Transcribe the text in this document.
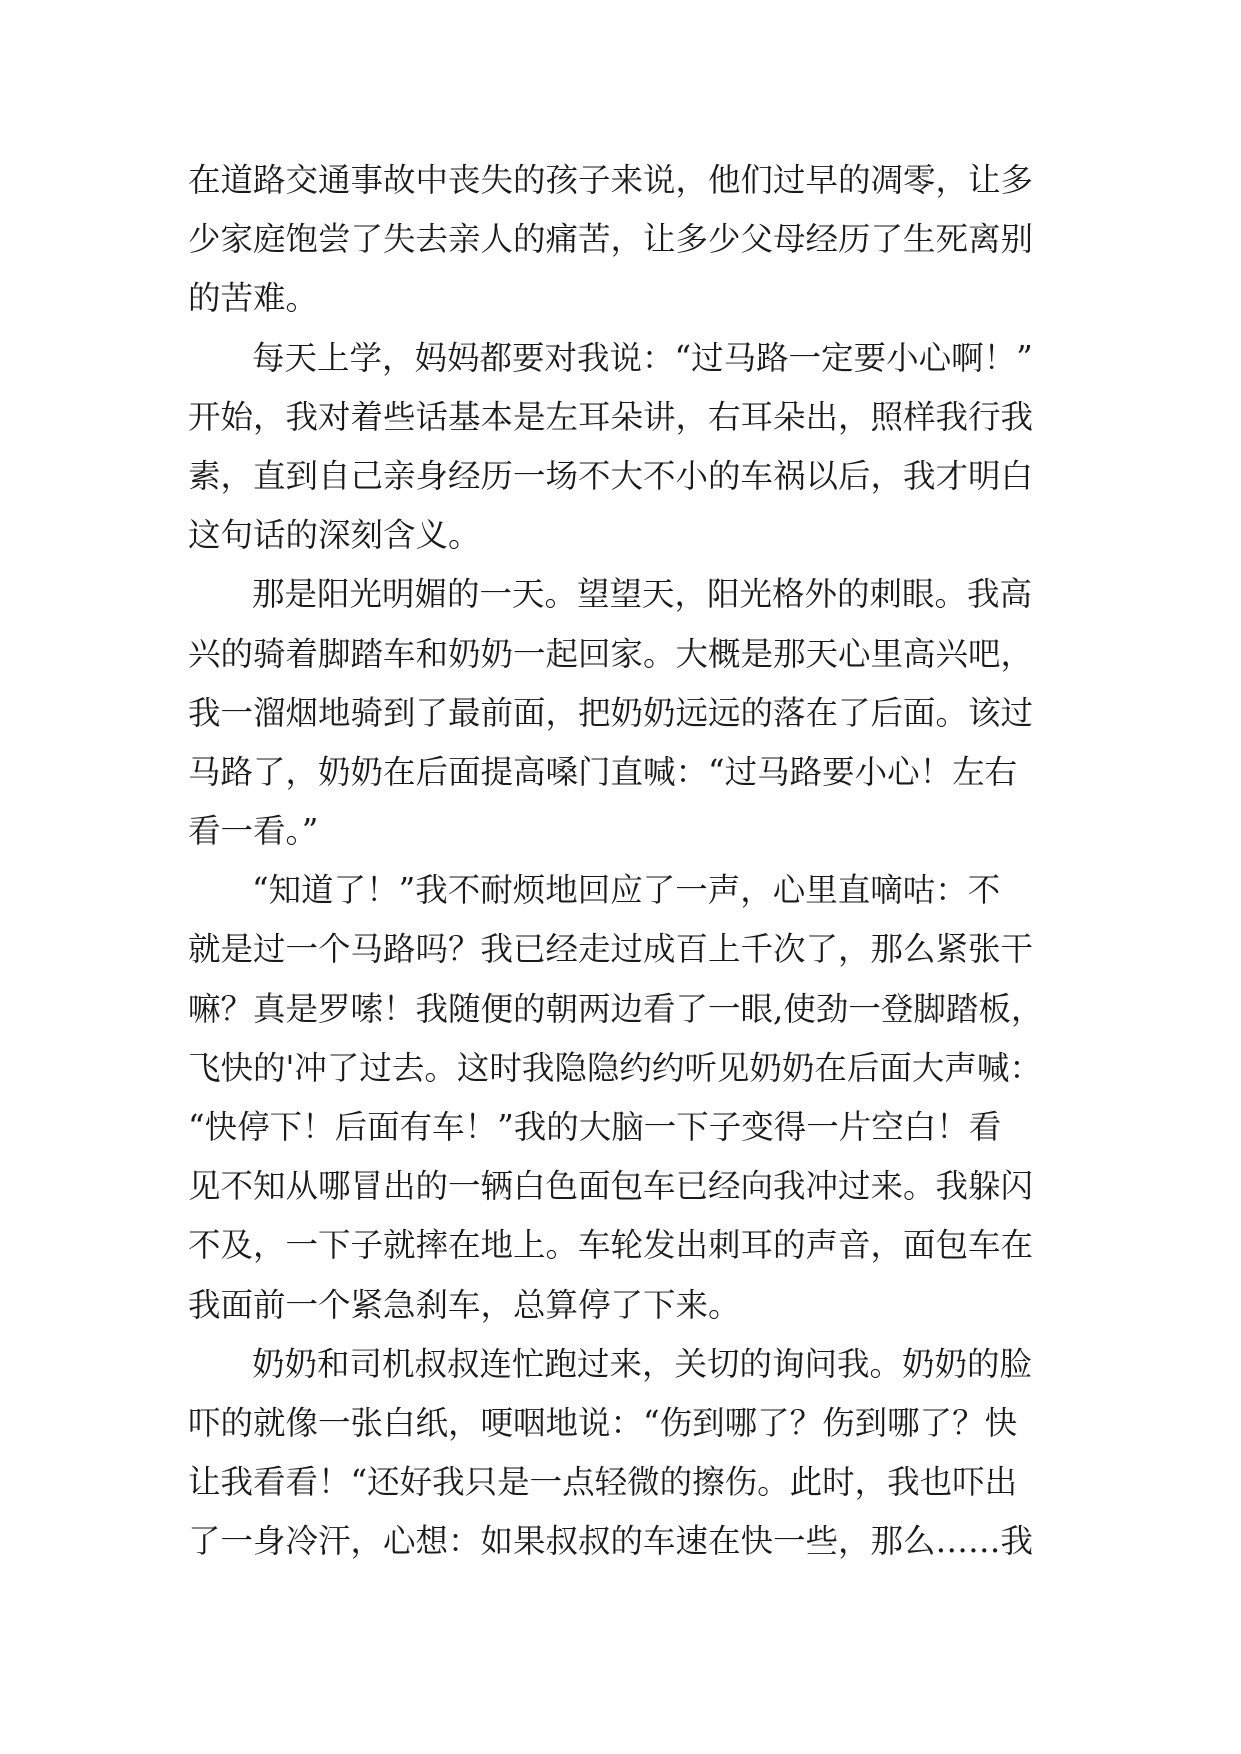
在道路交通事故中丧失的孩子来说，他们过早的凋零，让多
少家庭饱尝了失去亲人的痛苦，让多少父母经历了生死离别
的苦难。
每天上学，妈妈都要对我说：“过马路一定要小心啊！”
开始，我对着些话基本是左耳朵讲，右耳朵出，照样我行我
素，直到自己亲身经历一场不大不小的车祸以后，我才明白
这句话的深刻含义。
那是阳光明媚的一天。望望天，阳光格外的刺眼。我高
兴的骑着脚踏车和奶奶一起回家。大概是那天心里高兴吧，
我一溜烟地骑到了最前面，把奶奶远远的落在了后面。该过
马路了，奶奶在后面提高嗓门直喊：“过马路要小心！左右
看一看。”
“知道了！”我不耐烦地回应了一声，心里直嘀咕：不
就是过一个马路吗？我已经走过成百上千次了，那么紧张干
嘛？真是罗嗦！我随便的朝两边看了一眼,使劲一登脚踏板，
飞快的'冲了过去。这时我隐隐约约听见奶奶在后面大声喊：
“快停下！后面有车！”我的大脑一下子变得一片空白！看
见不知从哪冒出的一辆白色面包车已经向我冲过来。我躲闪
不及，一下子就摔在地上。车轮发出刺耳的声音，面包车在
我面前一个紧急刹车，总算停了下来。
奶奶和司机叔叔连忙跑过来，关切的询问我。奶奶的脸
吓的就像一张白纸，哽咽地说：“伤到哪了？伤到哪了？快
让我看看！“还好我只是一点轻微的擦伤。此时，我也吓出
了一身冷汗，心想：如果叔叔的车速在快一些，那么……我
